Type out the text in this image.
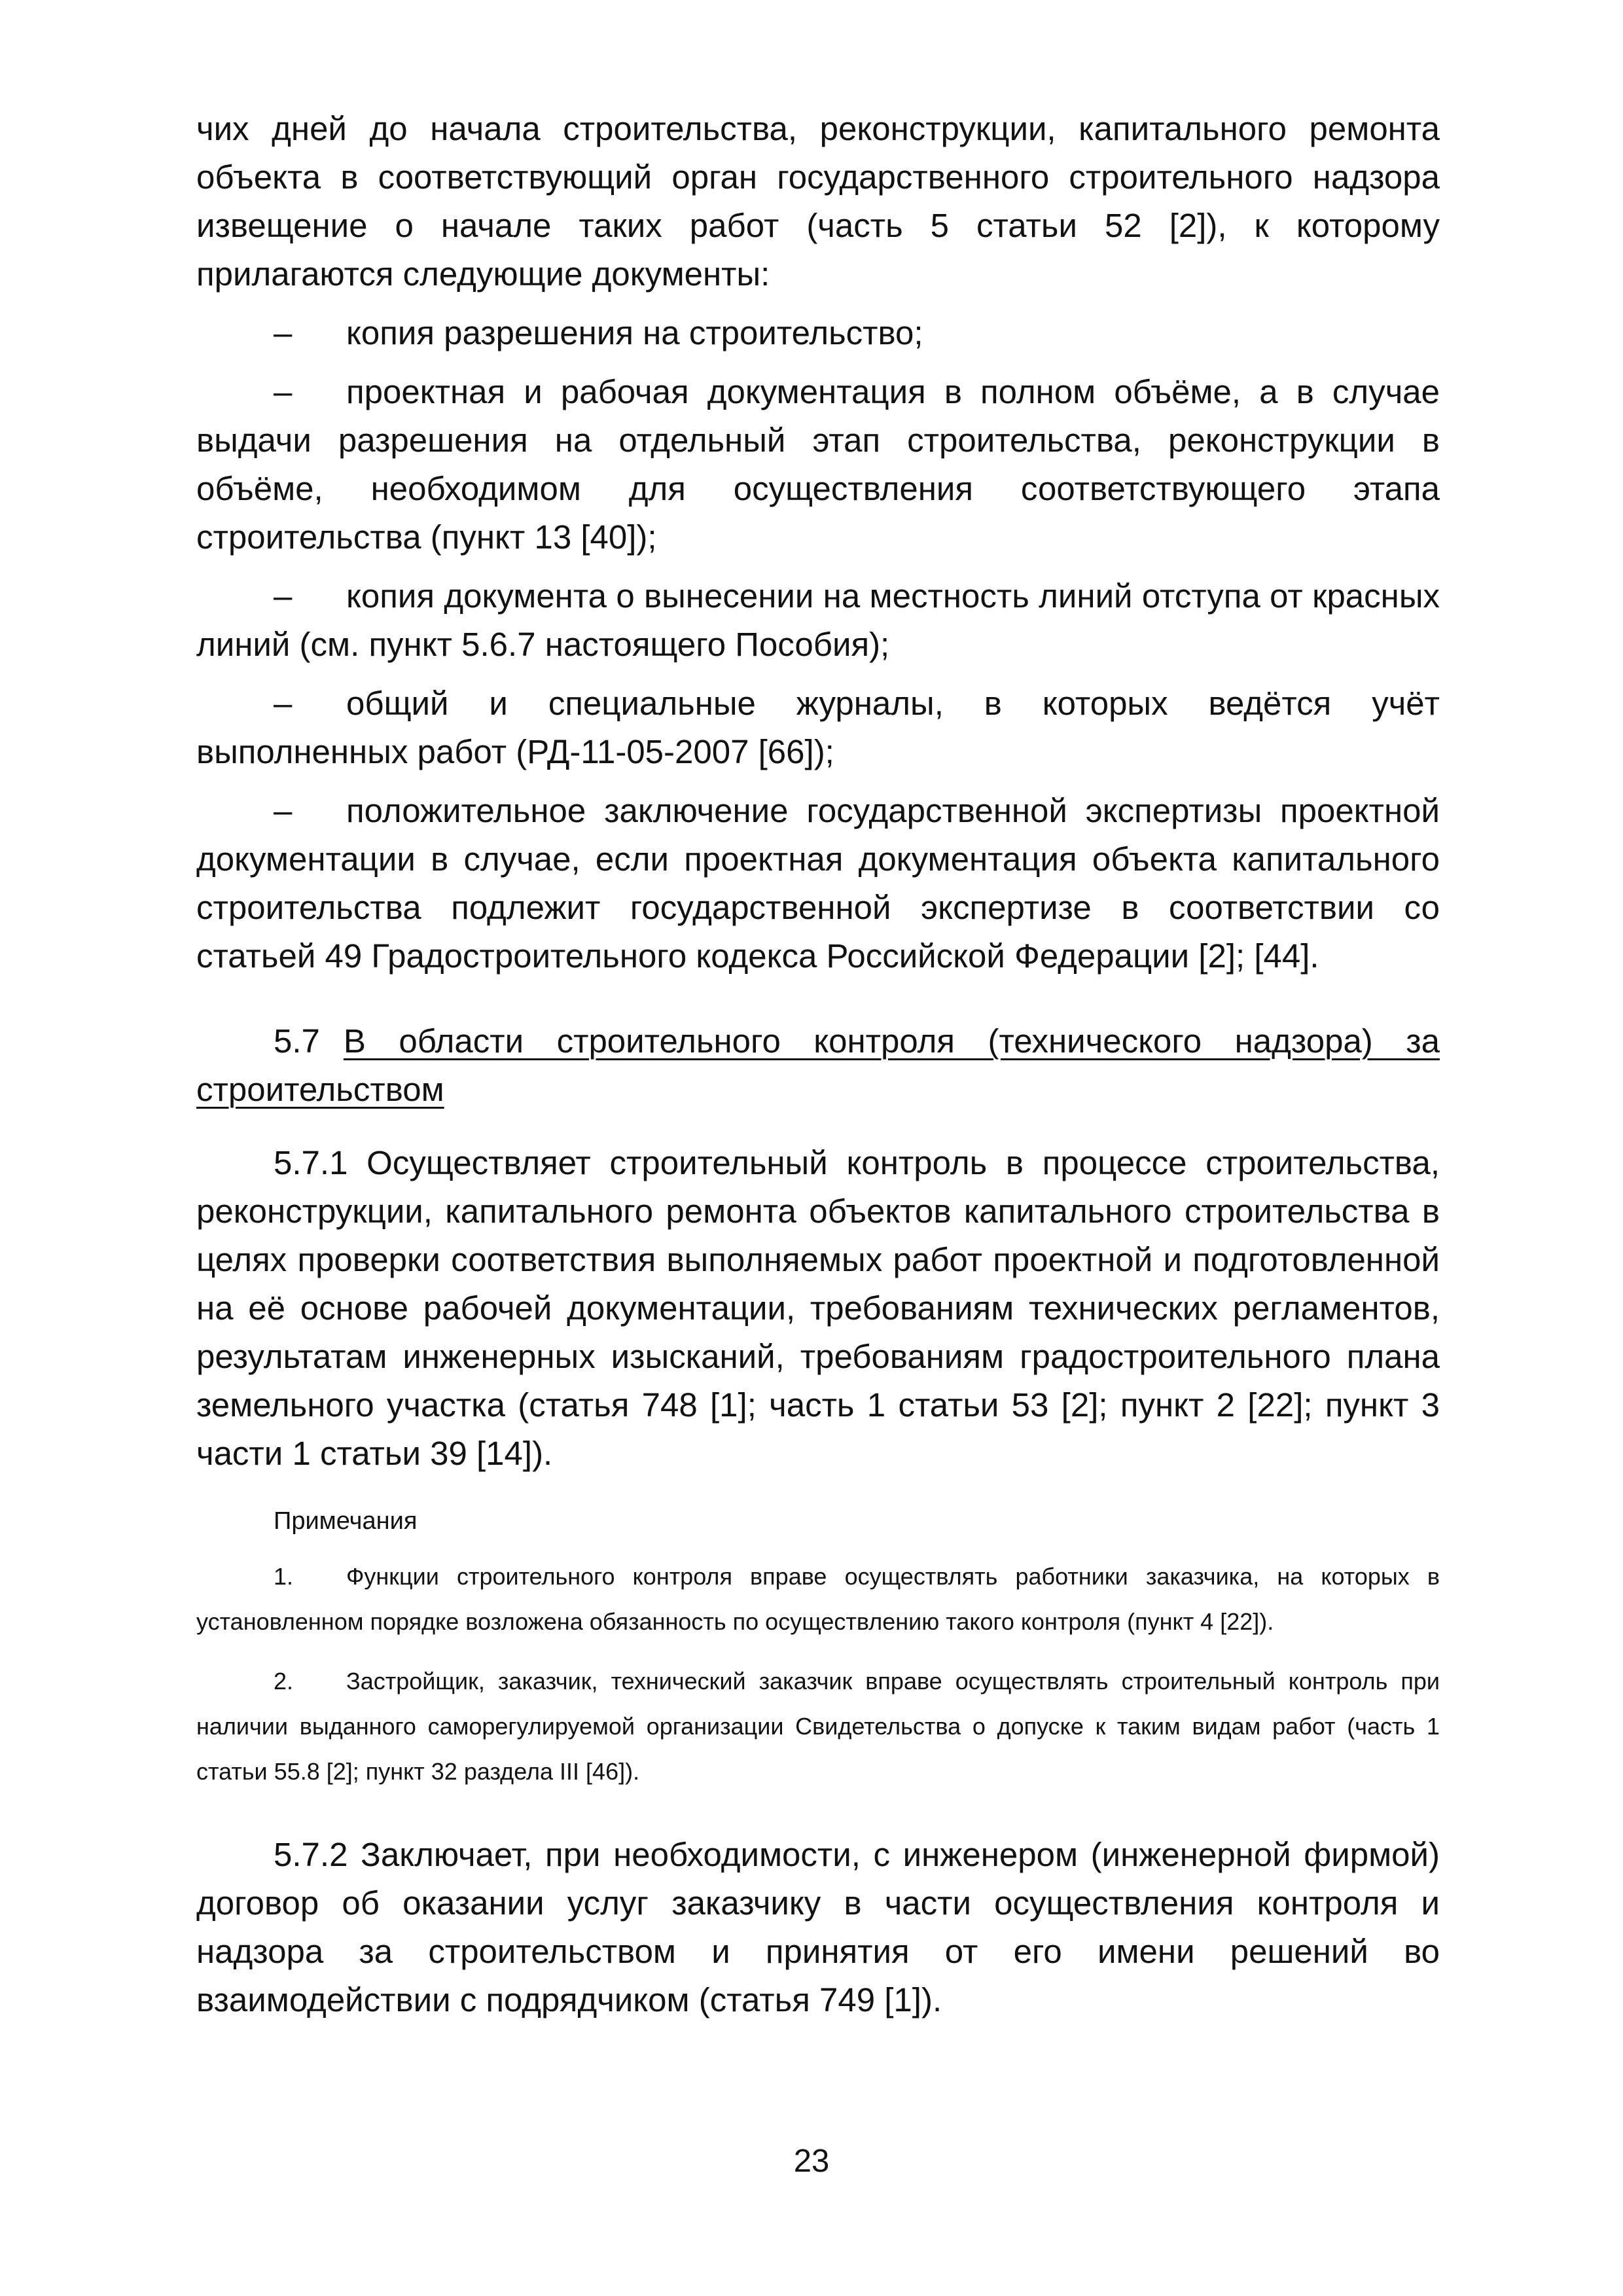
чих дней до начала строительства, реконструкции, капитального ремонта объекта в соответствующий орган государственного строительного надзора извещение о начале таких работ (часть 5 статьи 52 [2]), к которому прилагаются следующие документы:

– копия разрешения на строительство;

– проектная и рабочая документация в полном объёме, а в случае выдачи разрешения на отдельный этап строительства, реконструкции в объёме, необходимом для осуществления соответствующего этапа строительства (пункт 13 [40]);

– копия документа о вынесении на местность линий отступа от красных линий (см. пункт 5.6.7 настоящего Пособия);

– общий и специальные журналы, в которых ведётся учёт выполненных работ (РД-11-05-2007 [66]);

– положительное заключение государственной экспертизы проектной документации в случае, если проектная документация объекта капитального строительства подлежит государственной экспертизе в соответствии со статьей 49 Градостроительного кодекса Российской Федерации [2]; [44].

5.7 В области строительного контроля (технического надзора) за строительством

5.7.1 Осуществляет строительный контроль в процессе строительства, реконструкции, капитального ремонта объектов капитального строительства в целях проверки соответствия выполняемых работ проектной и подготовленной на её основе рабочей документации, требованиям технических регламентов, результатам инженерных изысканий, требованиям градостроительного плана земельного участка (статья 748 [1]; часть 1 статьи 53 [2]; пункт 2 [22]; пункт 3 части 1 статьи 39 [14]).

Примечания

1. Функции строительного контроля вправе осуществлять работники заказчика, на которых в установленном порядке возложена обязанность по осуществлению такого контроля (пункт 4 [22]).

2. Застройщик, заказчик, технический заказчик вправе осуществлять строительный контроль при наличии выданного саморегулируемой организации Свидетельства о допуске к таким видам работ (часть 1 статьи 55.8 [2]; пункт 32 раздела III [46]).

5.7.2 Заключает, при необходимости, с инженером (инженерной фирмой) договор об оказании услуг заказчику в части осуществления контроля и надзора за строительством и принятия от его имени решений во взаимодействии с подрядчиком (статья 749 [1]).

23
